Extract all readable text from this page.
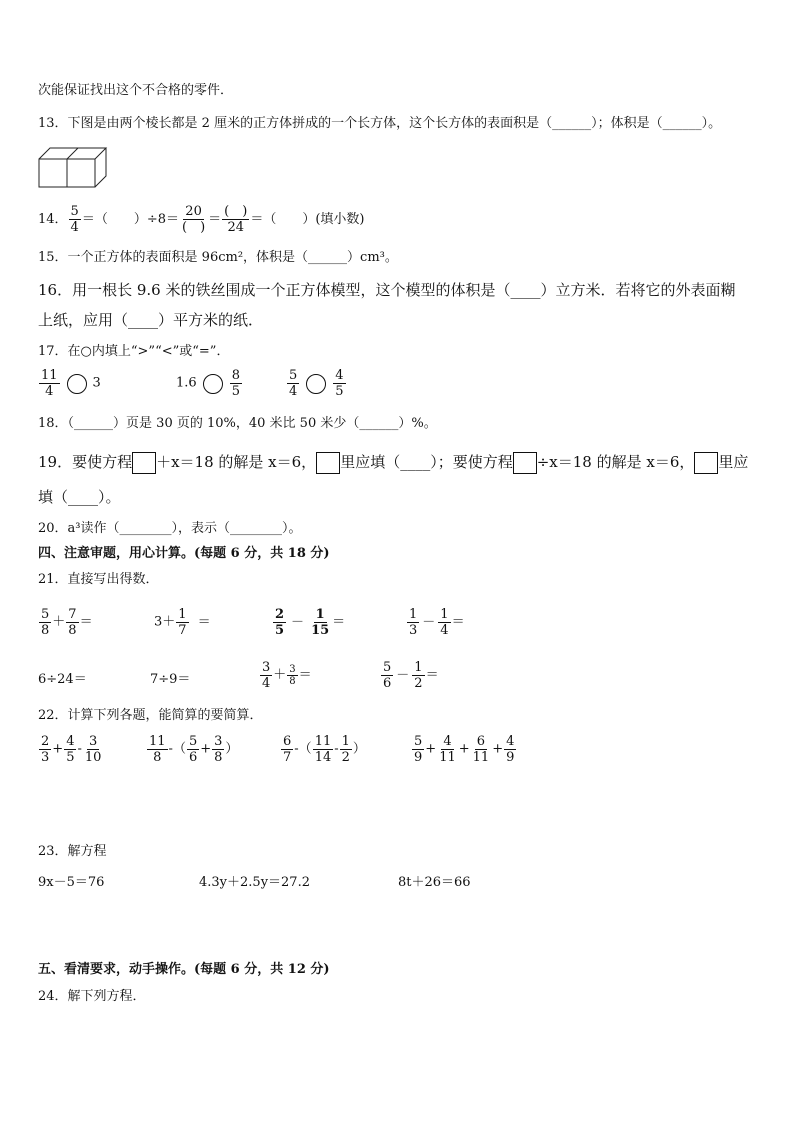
次能保证找出这个不合格的零件．
13．下图是由两个棱长都是 2 厘米的正方体拼成的一个长方体，这个长方体的表面积是（______）；体积是（______）。
14． $\frac{5}{4}$ ＝（　　）$\div 8= \frac{20}{( )} = \frac{( )}{24}$ ＝（　　）(填小数)
15．一个正方体的表面积是 96cm²，体积是（______）cm³。
16．用一根长 9.6 米的铁丝围成一个正方体模型，这个模型的体积是（____）立方米．若将它的外表面糊
上纸，应用（____）平方米的纸．
17．在○内填上“>”“<”或“=”．
$\frac{11}{4}$	3	1.6	$\frac{8}{5}$	$\frac{5}{4}$	$\frac{4}{5}$
18．（______）页是 30 页的 10%，40 米比 50 米少（______）%。
19．要使方程 ＋x＝18 的解是 x＝6， 里应填（____）；要使方程 ÷x＝18 的解是 x＝6， 里应
填（____）。
20．a³读作（________），表示（________）。
四、注意审题，用心计算。(每题 6 分，共 18 分)
21．直接写出得数．
$\frac{5}{8} + \frac{7}{8}$ ＝	$3+ \frac{1}{7}$ ＝	$\frac{2}{5} - \frac{1}{15}$ ＝	$\frac{1}{3} - \frac{1}{4}$ ＝
6÷24＝	7÷9＝	$\frac{3}{4} + \frac{3}{8}$ ＝	$\frac{5}{6} - \frac{1}{2}$ ＝
22．计算下列各题，能简算的要简算．
$\frac{2}{3} + \frac{4}{5} - \frac{3}{10}$	$\frac{11}{8}$ -（ $\frac{5}{6} + \frac{3}{8}$ ）	$\frac{6}{7}$ -（ $\frac{11}{14} - \frac{1}{2}$ ）	$\frac{5}{9} + \frac{4}{11} + \frac{6}{11} + \frac{4}{9}$
23．解方程
9x－5＝76	4.3y＋2.5y＝27.2	8t＋26＝66
五、看清要求，动手操作。(每题 6 分，共 12 分)
24．解下列方程．
